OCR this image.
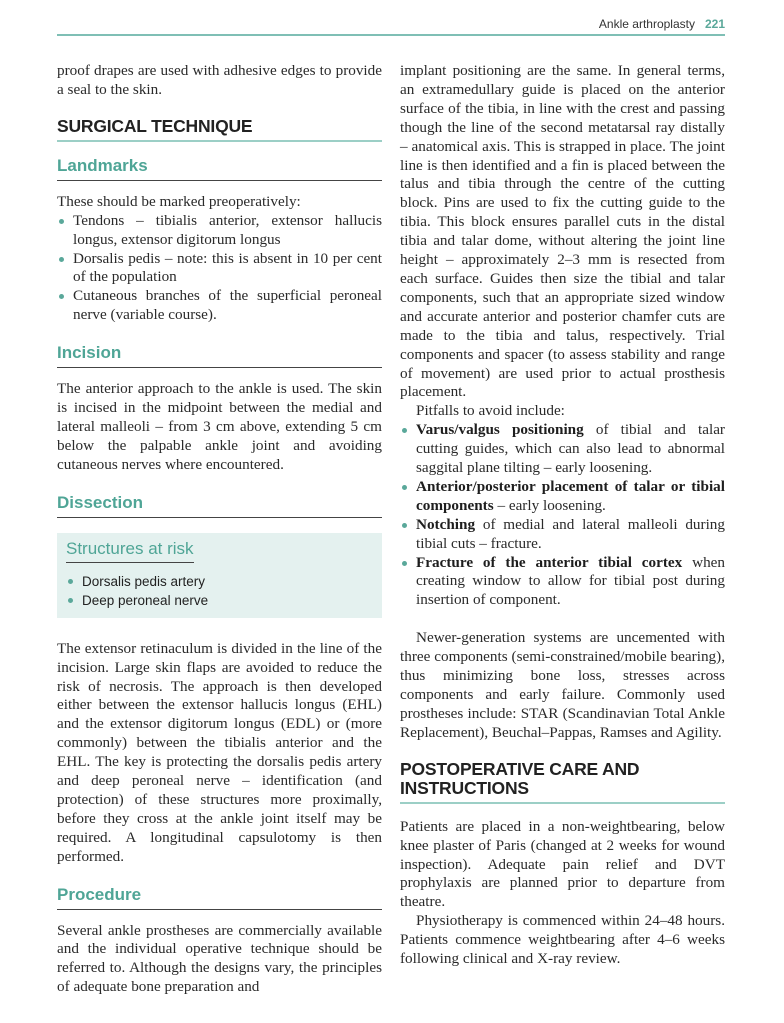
Ankle arthroplasty 221

proof drapes are used with adhesive edges to provide a seal to the skin.

SURGICAL TECHNIQUE
Landmarks

These should be marked preoperatively:

Tendons – tibialis anterior, extensor hallucis longus, extensor digitorum longus
Dorsalis pedis – note: this is absent in 10 per cent of the population
Cutaneous branches of the superficial peroneal nerve (variable course).
Incision

The anterior approach to the ankle is used. The skin is incised in the midpoint between the medial and lateral malleoli – from 3 cm above, extending 5 cm below the palpable ankle joint and avoiding cutaneous nerves where encountered.

Dissection
Structures at risk
Dorsalis pedis artery
Deep peroneal nerve

The extensor retinaculum is divided in the line of the incision. Large skin flaps are avoided to reduce the risk of necrosis. The approach is then developed either between the extensor hallucis longus (EHL) and the extensor digitorum longus (EDL) or (more commonly) between the tibialis anterior and the EHL. The key is protecting the dorsalis pedis artery and deep peroneal nerve – identification (and protection) of these structures more proximally, before they cross at the ankle joint itself may be required. A longitudinal capsulotomy is then performed.

Procedure

Several ankle prostheses are commercially available and the individual operative technique should be referred to. Although the designs vary, the principles of adequate bone preparation and

implant positioning are the same. In general terms, an extramedullary guide is placed on the anterior surface of the tibia, in line with the crest and passing though the line of the second metatarsal ray distally – anatomical axis. This is strapped in place. The joint line is then identified and a fin is placed between the talus and tibia through the centre of the cutting block. Pins are used to fix the cutting guide to the tibia. This block ensures parallel cuts in the distal tibia and talar dome, without altering the joint line height – approximately 2–3 mm is resected from each surface. Guides then size the tibial and talar components, such that an appropriate sized window and accurate anterior and posterior chamfer cuts are made to the tibia and talus, respectively. Trial components and spacer (to assess stability and range of movement) are used prior to actual prosthesis placement.

Pitfalls to avoid include:

Varus/valgus positioning of tibial and talar cutting guides, which can also lead to abnormal saggital plane tilting – early loosening.
Anterior/posterior placement of talar or tibial components – early loosening.
Notching of medial and lateral malleoli during tibial cuts – fracture.
Fracture of the anterior tibial cortex when creating window to allow for tibial post during insertion of component.

Newer-generation systems are uncemented with three components (semi-constrained/mobile bearing), thus minimizing bone loss, stresses across components and early failure. Commonly used prostheses include: STAR (Scandinavian Total Ankle Replacement), Beuchal–Pappas, Ramses and Agility.

POSTOPERATIVE CARE AND
INSTRUCTIONS

Patients are placed in a non-weightbearing, below knee plaster of Paris (changed at 2 weeks for wound inspection). Adequate pain relief and DVT prophylaxis are planned prior to departure from theatre.

Physiotherapy is commenced within 24–48 hours. Patients commence weightbearing after 4–6 weeks following clinical and X-ray review.
